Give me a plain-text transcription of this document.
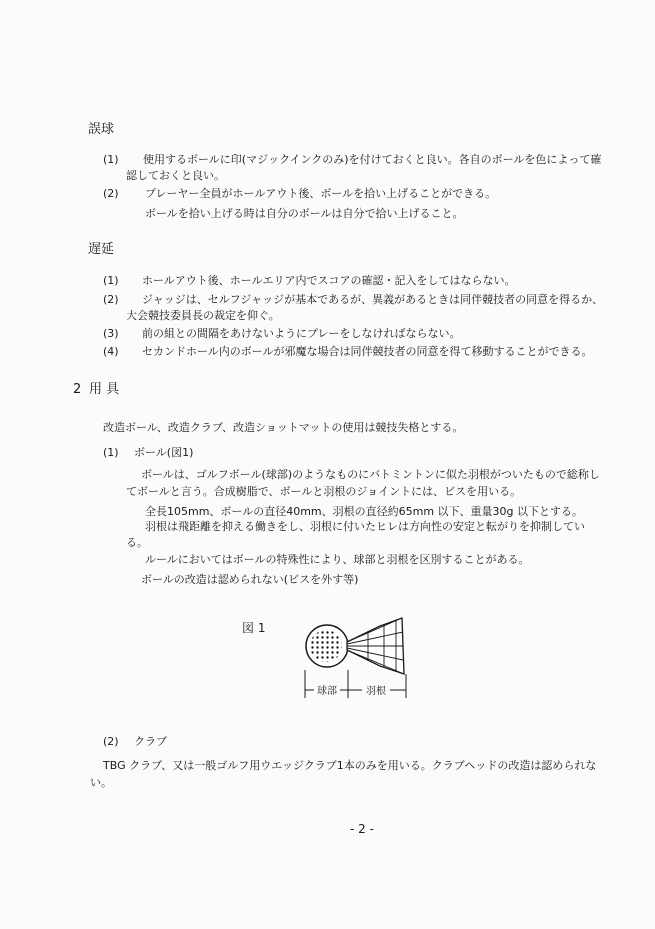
誤球
(1) 使用するボールに印(マジックインクのみ)を付けておくと良い。各自のボールを色によって確
認しておくと良い。
(2) プレーヤー全員がホールアウト後、ボールを拾い上げることができる。
ボールを拾い上げる時は自分のボールは自分で拾い上げること。
遅延
(1) ホールアウト後、ホールエリア内でスコアの確認・記入をしてはならない。
(2) ジャッジは、セルフジャッジが基本であるが、異義があるときは同伴競技者の同意を得るか、
大会競技委員長の裁定を仰ぐ。
(3) 前の組との間隔をあけないようにプレーをしなければならない。
(4) セカンドホール内のボールが邪魔な場合は同伴競技者の同意を得て移動することができる。
2 用 具
改造ボール、改造クラブ、改造ショットマットの使用は競技失格とする。
(1) ボール(図1)
ボールは、ゴルフボール(球部)のようなものにバトミントンに似た羽根がついたもので総称し
てボールと言う。合成樹脂で、ボールと羽根のジョイントには、ビスを用いる。
全長105mm、ボールの直径40mm、羽根の直径約65mm 以下、重量30g 以下とする。
羽根は飛距離を抑える働きをし、羽根に付いたヒレは方向性の安定と転がりを抑制してい
る。
ルールにおいてはボールの特殊性により、球部と羽根を区別することがある。
ボールの改造は認められない(ビスを外す等)
図 1
球部	羽根
(2) クラブ
TBG クラブ、又は一般ゴルフ用ウエッジクラブ1本のみを用いる。クラブヘッドの改造は認められな
い。
- 2 -
